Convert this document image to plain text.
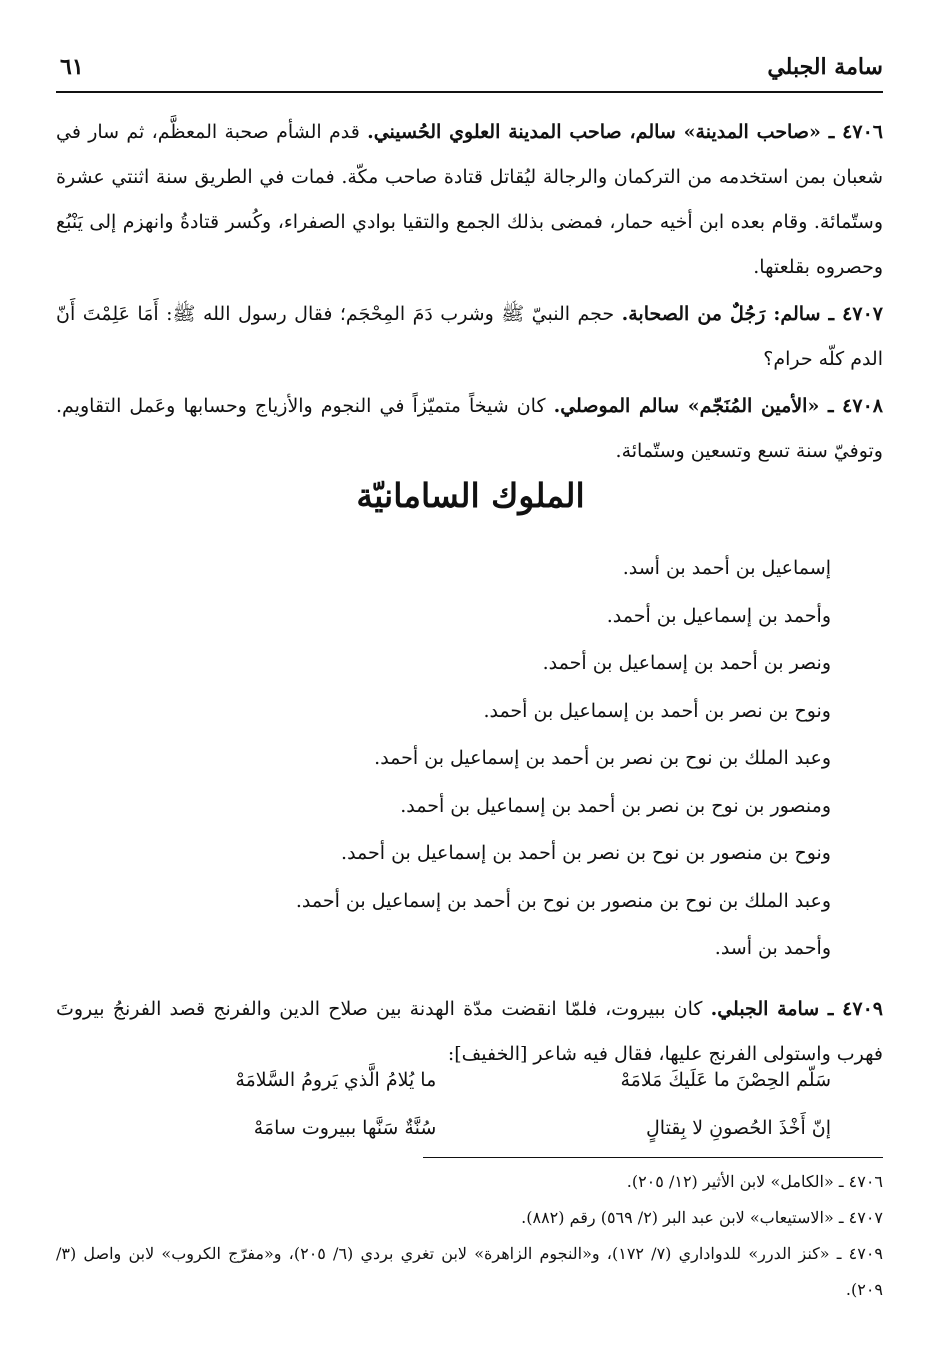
سامة الجبلي
٦١

٤٧٠٦ ـ «صاحب المدينة» سالم، صاحب المدينة العلوي الحُسيني. قدم الشأم صحبة المعظَّم، ثم سار في شعبان بمن استخدمه من التركمان والرجالة ليُقاتل قتادة صاحب مكّة. فمات في الطريق سنة اثنتي عشرة وستّمائة. وقام بعده ابن أخيه حمار، فمضى بذلك الجمع والتقيا بوادي الصفراء، وكُسر قتادةُ وانهزم إلى يَنْبُع وحصروه بقلعتها.

٤٧٠٧ ـ سالم: رَجُلٌ من الصحابة. حجم النبيّ ﷺ وشرب دَمَ المِحْجَم؛ فقال رسول الله ﷺ: أَمَا عَلِمْتَ أَنّ الدم كلّه حرام؟

٤٧٠٨ ـ «الأمين المُنَجّم» سالم الموصلي. كان شيخاً متميّزاً في النجوم والأزياج وحسابها وعَمل التقاويم. وتوفيّ سنة تسع وتسعين وستّمائة.

الملوك السامانيّة
إسماعيل بن أحمد بن أسد.
وأحمد بن إسماعيل بن أحمد.
ونصر بن أحمد بن إسماعيل بن أحمد.
ونوح بن نصر بن أحمد بن إسماعيل بن أحمد.
وعبد الملك بن نوح بن نصر بن أحمد بن إسماعيل بن أحمد.
ومنصور بن نوح بن نصر بن أحمد بن إسماعيل بن أحمد.
ونوح بن منصور بن نوح بن نصر بن أحمد بن إسماعيل بن أحمد.
وعبد الملك بن نوح بن منصور بن نوح بن أحمد بن إسماعيل بن أحمد.
وأحمد بن أسد.

٤٧٠٩ ـ سامة الجبلي. كان ببيروت، فلمّا انقضت مدّة الهدنة بين صلاح الدين والفرنج قصد الفرنجُ بيروتَ فهرب واستولى الفرنج عليها، فقال فيه شاعر [الخفيف]:

سَلّم الحِصْنَ ما عَلَيكَ مَلامَهْ
ما يُلامُ الَّذي يَرومُ السَّلامَهْ
إنّ أَخْذَ الحُصونِ لا بِقتالٍ
سُنَّةٌ سَنَّها ببيروت سامَهْ
٤٧٠٦ ـ «الكامل» لابن الأثير (١٢/ ٢٠٥).
٤٧٠٧ ـ «الاستيعاب» لابن عبد البر (٢/ ٥٦٩) رقم (٨٨٢).
٤٧٠٩ ـ «كنز الدرر» للدواداري (٧/ ١٧٢)، و«النجوم الزاهرة» لابن تغري بردي (٦/ ٢٠٥)، و«مفرّج الكروب» لابن واصل (٣/ ٢٠٩).
